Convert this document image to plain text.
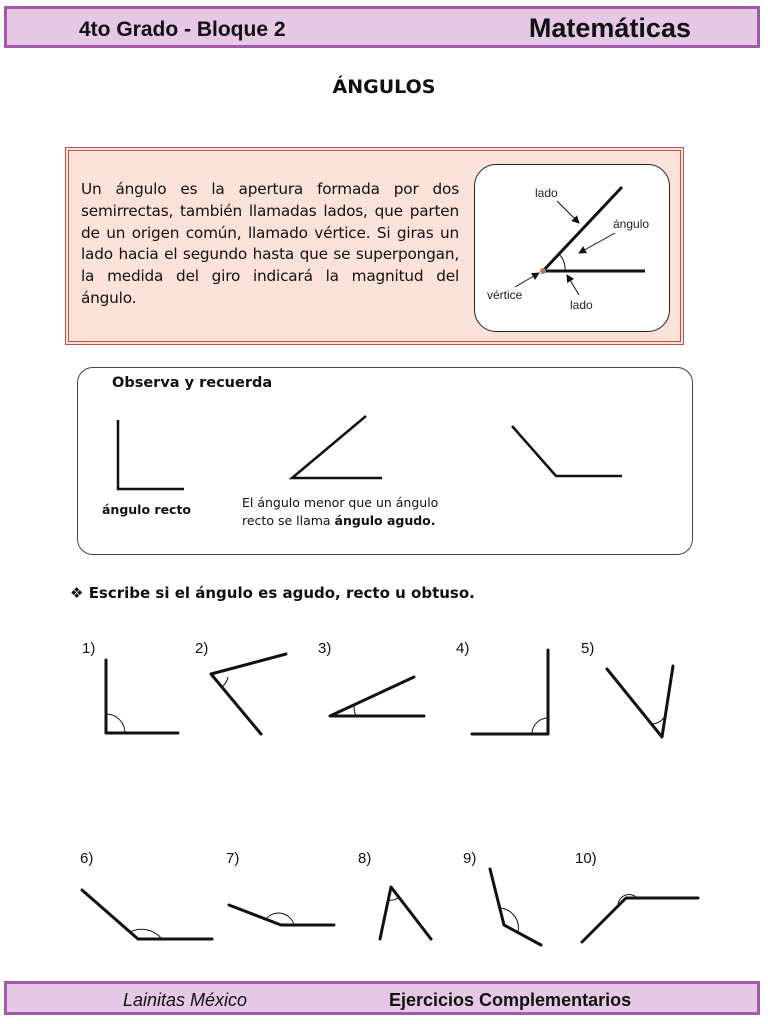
4to Grado - Bloque 2	Matemáticas
ÁNGULOS
Un ángulo es la apertura formada por dos semirrectas, también llamadas lados, que parten de un origen común, llamado vértice. Si giras un lado hacia el segundo hasta que se superpongan, la medida del giro indicará la magnitud del ángulo.
lado
ángulo
vértice
lado
Observa y recuerda
ángulo recto	El ángulo menor que un ángulo
recto se llama ángulo agudo.
❖ Escribe si el ángulo es agudo, recto u obtuso.
1)	2)	3)	4)	5)
6)	7)	8)	9)	10)
Lainitas México	Ejercicios Complementarios
